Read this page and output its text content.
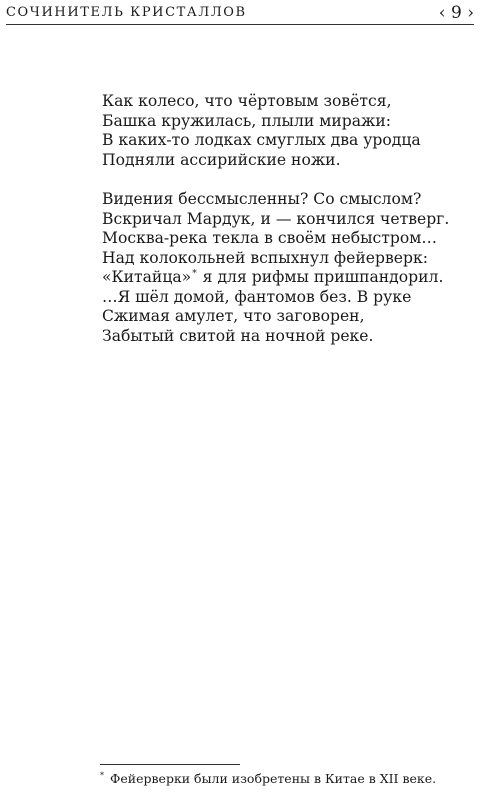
СОЧИНИТЕЛЬ КРИСТАЛЛОВ	‹ 9 ›
Как колесо, что чёртовым зовётся,
Башка кружилась, плыли миражи:
В каких-то лодках смуглых два уродца
Подняли ассирийские ножи.
Видения бессмысленны? Со смыслом?
Вскричал Мардук, и — кончился четверг.
Москва-река текла в своём небыстром…
Над колокольней вспыхнул фейерверк:
«Китайца»* я для рифмы пришпандорил.
…Я шёл домой, фантомов без. В руке
Сжимая амулет, что заговорен,
Забытый свитой на ночной реке.
* Фейерверки были изобретены в Китае в XII веке.
